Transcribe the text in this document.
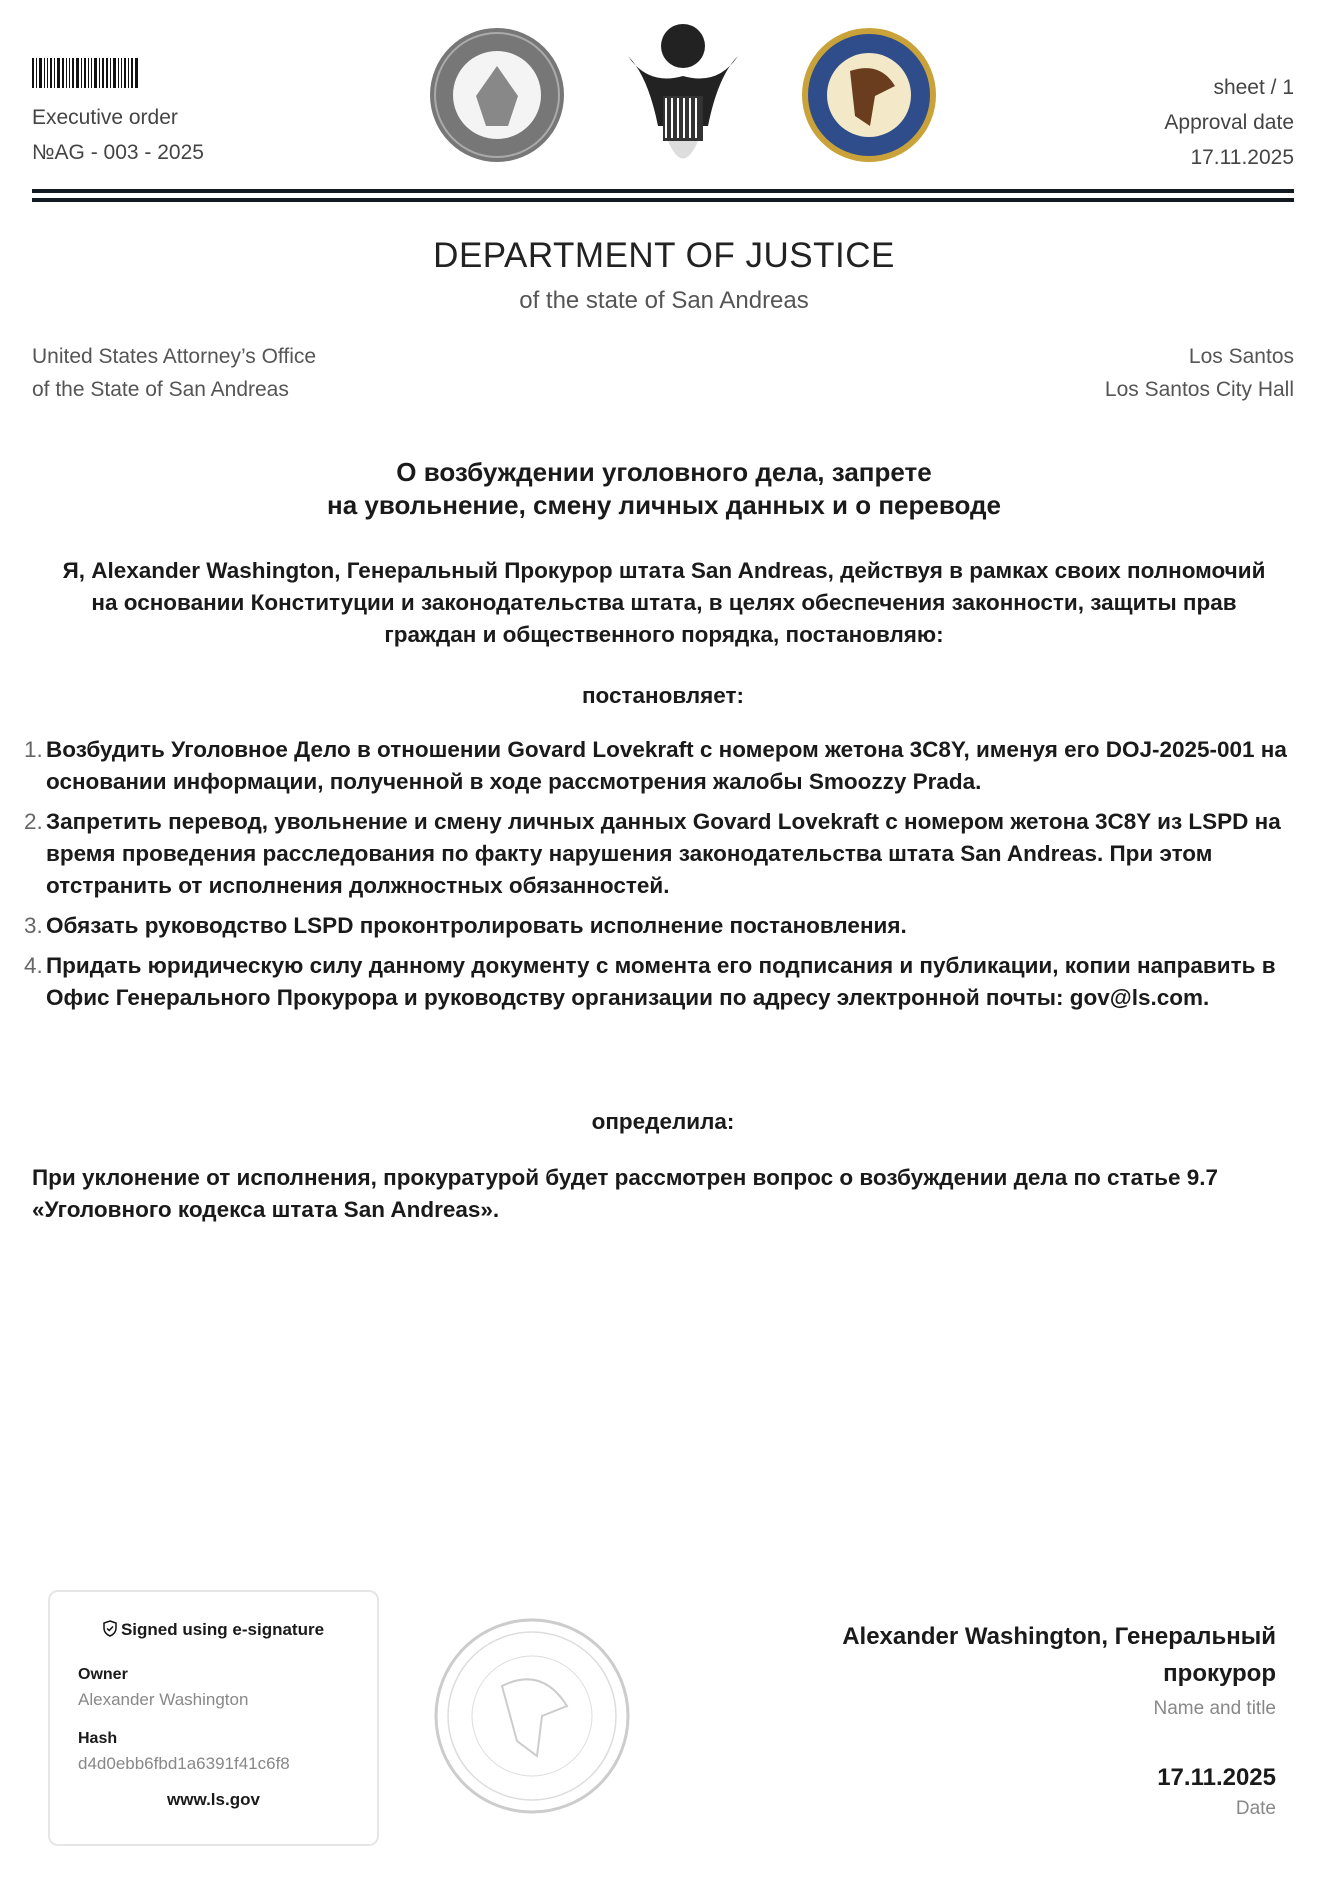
Executive order
№AG - 003 - 2025
sheet / 1
Approval date
17.11.2025
DEPARTMENT OF JUSTICE
of the state of San Andreas
United States Attorney’s Office
of the State of San Andreas
Los Santos
Los Santos City Hall
О возбуждении уголовного дела, запрете
на увольнение, смену личных данных и о переводе
Я, Alexander Washington, Генеральный Прокурор штата San Andreas, действуя в рамках своих полномочий на основании Конституции и законодательства штата, в целях обеспечения законности, защиты прав граждан и общественного порядка, постановляю:
постановляет:
1. Возбудить Уголовное Дело в отношении Govard Lovekraft с номером жетона 3C8Y, именуя его DOJ-2025-001 на основании информации, полученной в ходе рассмотрения жалобы Smoozzy Prada.
2. Запретить перевод, увольнение и смену личных данных Govard Lovekraft с номером жетона 3C8Y из LSPD на время проведения расследования по факту нарушения законодательства штата San Andreas. При этом отстранить от исполнения должностных обязанностей.
3. Обязать руководство LSPD проконтролировать исполнение постановления.
4. Придать юридическую силу данному документу с момента его подписания и публикации, копии направить в Офис Генерального Прокурора и руководству организации по адресу электронной почты: gov@ls.com.
определила:
При уклонение от исполнения, прокуратурой будет рассмотрен вопрос о возбуждении дела по статье 9.7 «Уголовного кодекса штата San Andreas».
Signed using e-signature
Owner
Alexander Washington
Hash
d4d0ebb6fbd1a6391f41c6f8
www.ls.gov
Alexander Washington, Генеральный прокурор
Name and title
17.11.2025
Date
